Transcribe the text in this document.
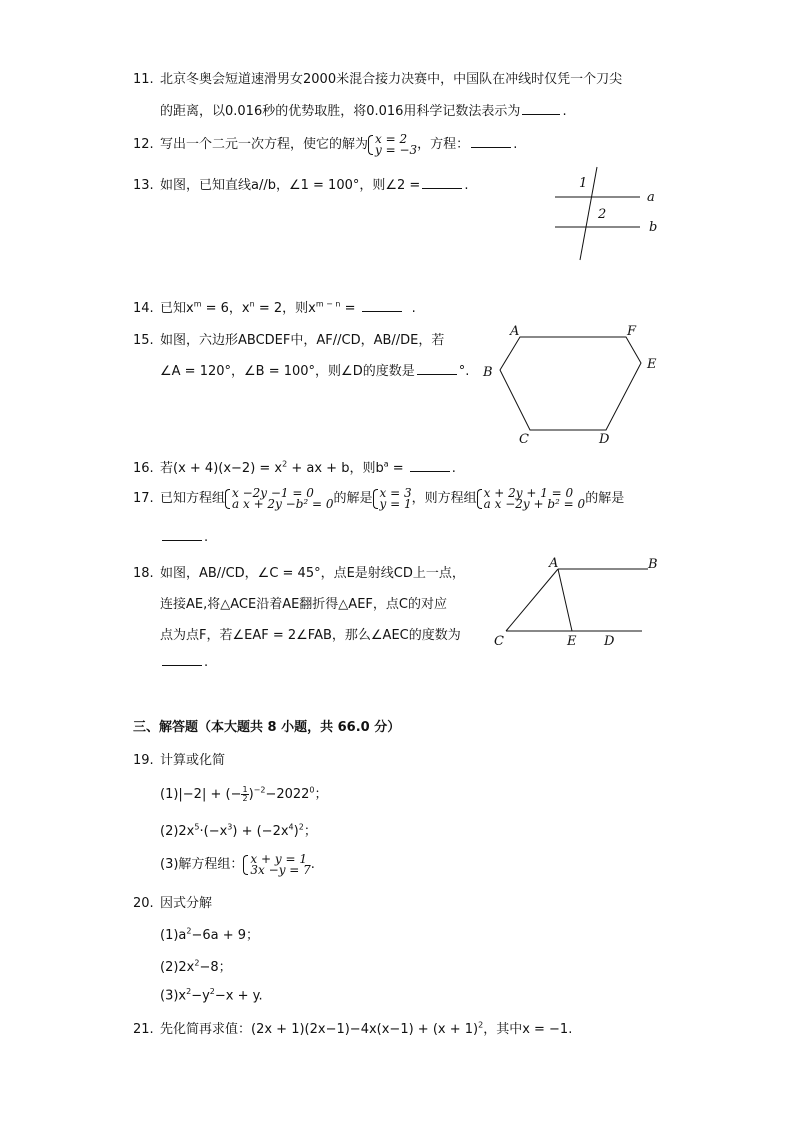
11. 北京冬奥会短道速滑男女2000米混合接力决赛中，中国队在冲线时仅凭一个刀尖
的距离，以0.016秒的优势取胜，将0.016用科学记数法表示为	.
12. 写出一个二元一次方程，使它的解为 x = 2
y = −3 ，方程：	.
13. 如图，已知直线a//b，∠1 = 100°，则∠2 =	.	1
2
a
b
14. 已知$x^m = 6$，$x^n = 2$，则$x^{m - n}$ =	.
15. 如图，六边形ABCDEF中，AF//CD，AB//DE，若
∠A = 120°，∠B = 100°，则∠D的度数是	°.
A	F
E
B
C	D
16. 若$(x + 4)(x-2) = x^2$ + ax + b，则$b^a$ =	.
17. 已知方程组 x −2y −1 = 0
a x + 2y −b² = 0 的解是 x = 3
y = 1 ，则方程组 x + 2y + 1 = 0
a x −2y + b² = 0 的解是
.
18. 如图，AB//CD，∠C = 45°，点E是射线CD上一点，
连接AE,将△ACE沿着AE翻折得△AEF，点C的对应
点为点F，若∠EAF = 2∠FAB，那么∠AEC的度数为
.
A	B
C	E D
三、解答题（本大题共 8 小题，共 66.0 分）
19. 计算或化简
(1)|−2| + (− $\frac{1}{2} )^{-2}-2022^0$；
$(2)2x^5\cdot(-x^3) + (-2x^4)^2$；
(3)解方程组： x + y = 1
3x −y = 7 .
20. 因式分解
$(1)a^2-6a + 9$；
$(2)2x^2-8$；
$(3)x^2-y^2-x + y$.
21. 先化简再求值：$(2x + 1)(2x-1)-4x(x-1) + (x + 1)^2$，其中x = −1.
